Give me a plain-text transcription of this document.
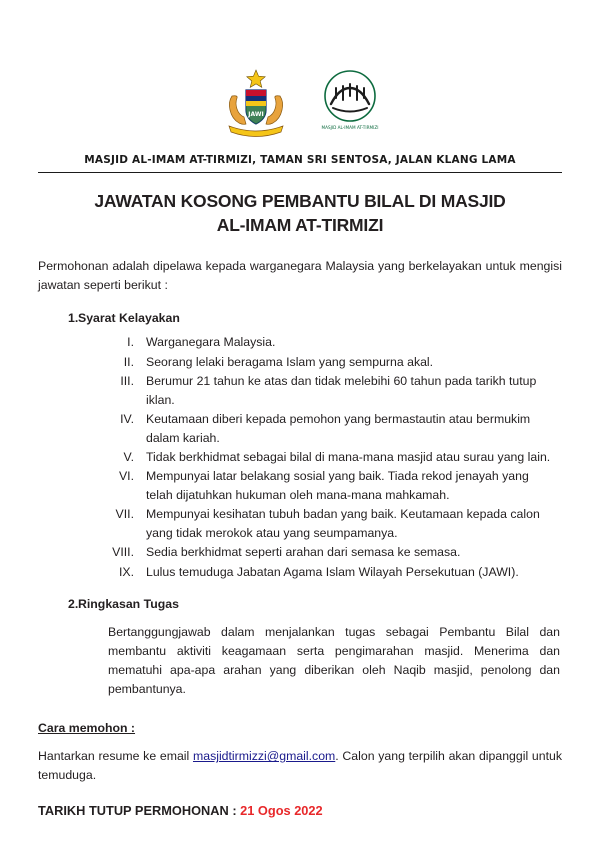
JAWI
MASJID AL-IMAM AT-TIRMIZI
MASJID AL-IMAM AT-TIRMIZI, TAMAN SRI SENTOSA, JALAN KLANG LAMA
JAWATAN KOSONG PEMBANTU BILAL DI MASJID
AL-IMAM AT-TIRMIZI

Permohonan adalah dipelawa kepada warganegara Malaysia yang berkelayakan untuk mengisi jawatan seperti berikut :

1. Syarat Kelayakan
I. Warganegara Malaysia.
II. Seorang lelaki beragama Islam yang sempurna akal.
III. Berumur 21 tahun ke atas dan tidak melebihi 60 tahun pada tarikh tutup iklan.
IV. Keutamaan diberi kepada pemohon yang bermastautin atau bermukim dalam kariah.
V. Tidak berkhidmat sebagai bilal di mana-mana masjid atau surau yang lain.
VI. Mempunyai latar belakang sosial yang baik. Tiada rekod jenayah yang telah dijatuhkan hukuman oleh mana-mana mahkamah.
VII. Mempunyai kesihatan tubuh badan yang baik. Keutamaan kepada calon yang tidak merokok atau yang seumpamanya.
VIII. Sedia berkhidmat seperti arahan dari semasa ke semasa.
IX. Lulus temuduga Jabatan Agama Islam Wilayah Persekutuan (JAWI).
2. Ringkasan Tugas

Bertanggungjawab dalam menjalankan tugas sebagai Pembantu Bilal dan membantu aktiviti keagamaan serta pengimarahan masjid. Menerima dan mematuhi apa-apa arahan yang diberikan oleh Naqib masjid, penolong dan pembantunya.

Cara memohon :

Hantarkan resume ke email masjidtirmizzi@gmail.com. Calon yang terpilih akan dipanggil untuk temuduga.

TARIKH TUTUP PERMOHONAN : 21 Ogos 2022
